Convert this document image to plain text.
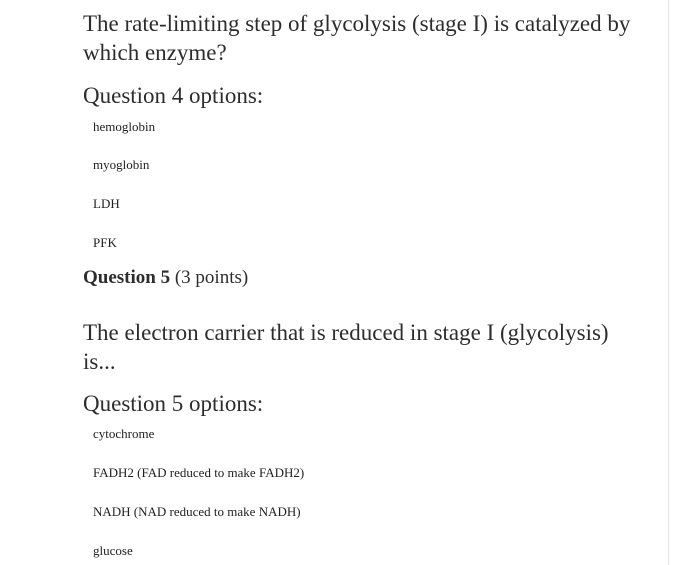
The rate-limiting step of glycolysis (stage I) is catalyzed by which enzyme?
Question 4 options:
hemoglobin
myoglobin
LDH
PFK
Question 5 (3 points)
The electron carrier that is reduced in stage I (glycolysis) is...
Question 5 options:
cytochrome
FADH2 (FAD reduced to make FADH2)
NADH (NAD reduced to make NADH)
glucose
